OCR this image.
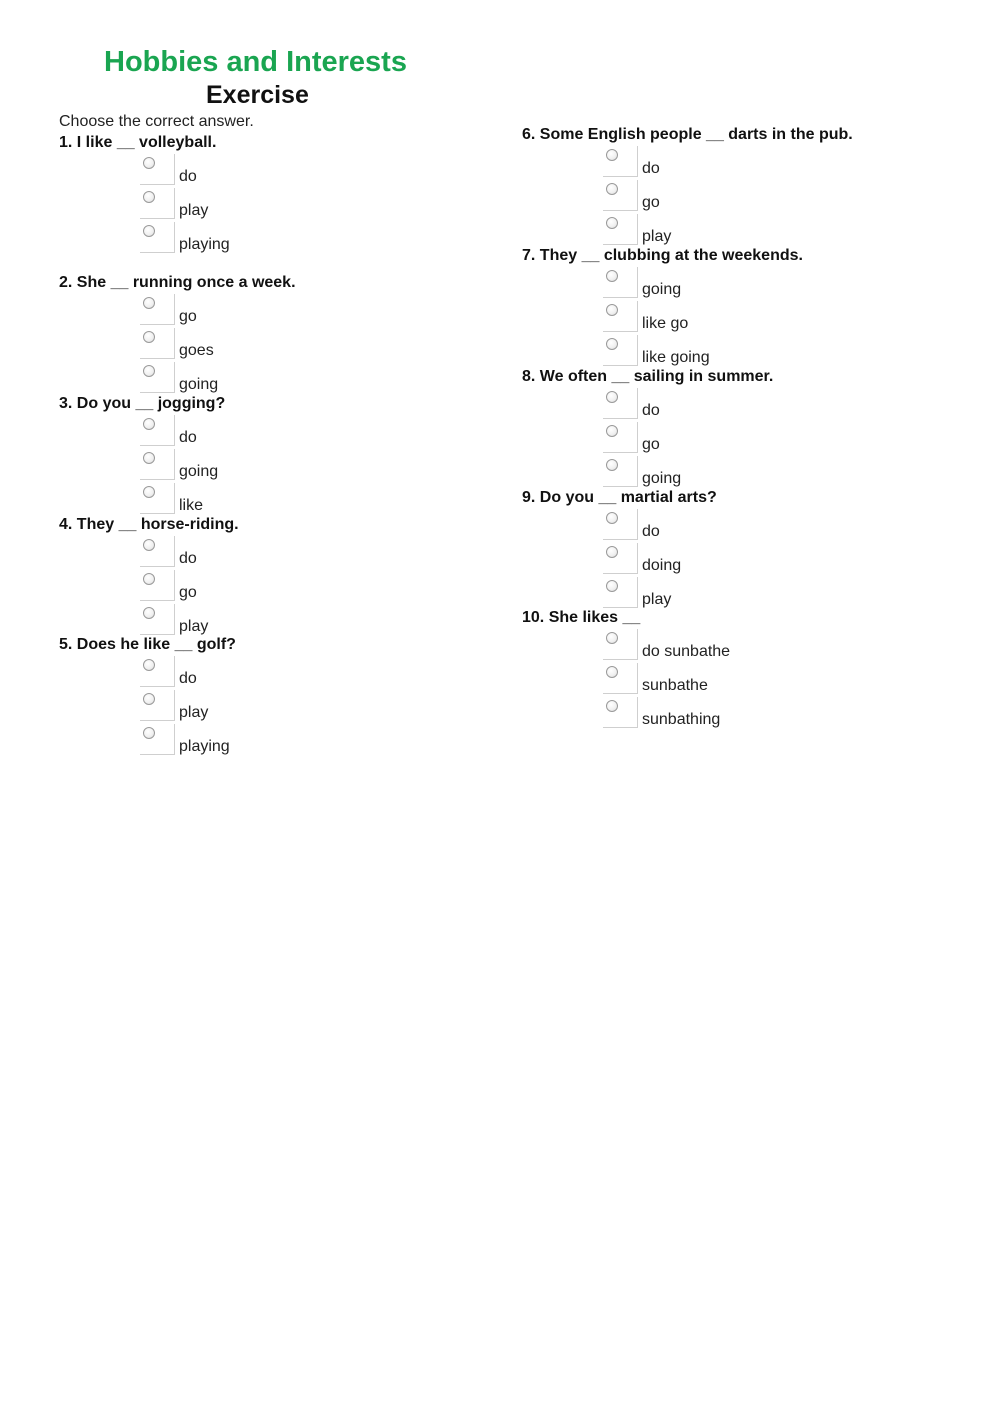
Hobbies and Interests
Exercise
Choose the correct answer.
1. I like __ volleyball.
do
play
playing
2. She __ running once a week.
go
goes
going
3. Do you __ jogging?
do
going
like
4. They __ horse-riding.
do
go
play
5. Does he like __ golf?
do
play
playing
6. Some English people __ darts in the pub.
do
go
play
7. They __ clubbing at the weekends.
going
like go
like going
8. We often __ sailing in summer.
do
go
going
9. Do you __ martial arts?
do
doing
play
10. She likes __
do sunbathe
sunbathe
sunbathing
